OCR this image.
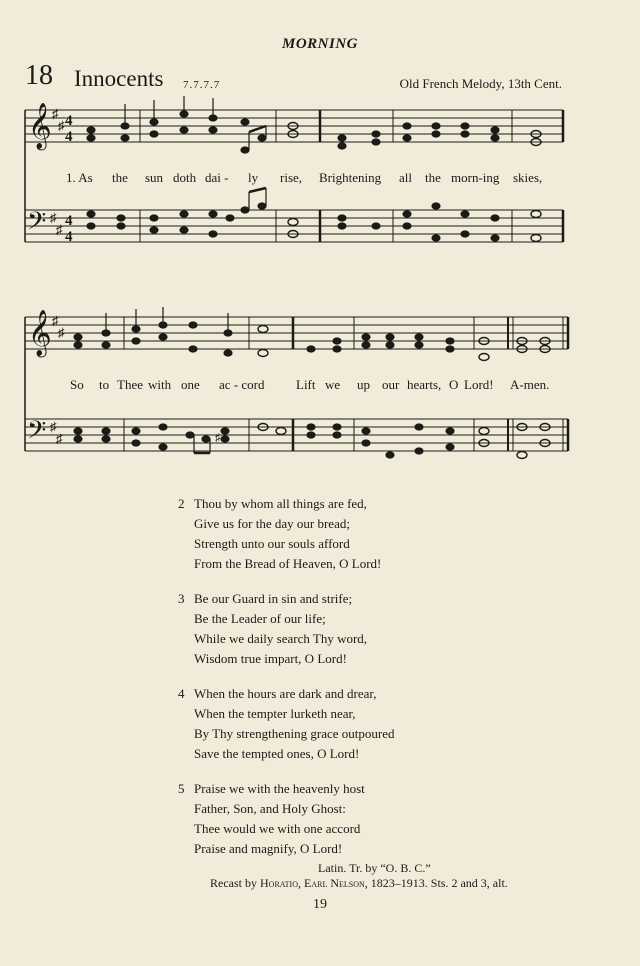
MORNING
18 Innocents 7.7.7.7	Old French Melody, 13th Cent.
𝄞
𝄢
♯
♯
♯
♯
4
4
4
4
1. As the sun doth dai - ly rise, Brightening all the morn-ing skies,
𝄞
𝄢
♯
♯
♯
♯	♯
So to Thee with one ac - cord Lift we up our hearts, O Lord! A-men.
2 Thou by whom all things are fed,
Give us for the day our bread;
Strength unto our souls afford
From the Bread of Heaven, O Lord!
3 Be our Guard in sin and strife;
Be the Leader of our life;
While we daily search Thy word,
Wisdom true impart, O Lord!
4 When the hours are dark and drear,
When the tempter lurketh near,
By Thy strengthening grace outpoured
Save the tempted ones, O Lord!
5 Praise we with the heavenly host
Father, Son, and Holy Ghost:
Thee would we with one accord
Praise and magnify, O Lord!
Latin. Tr. by “O. B. C.”
Recast by Horatio, Earl Nelson, 1823–1913. Sts. 2 and 3, alt.
19
